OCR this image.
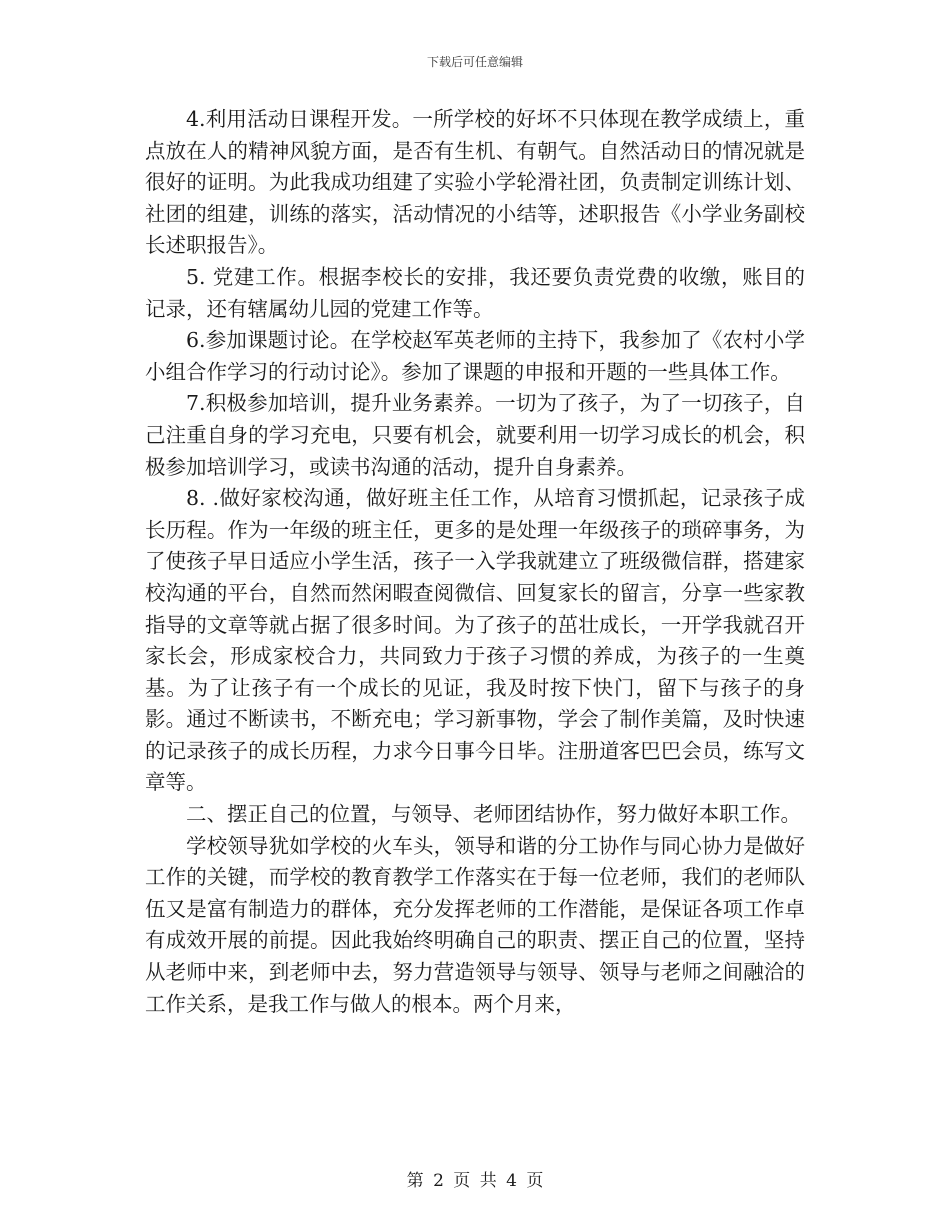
下载后可任意编辑

4.利用活动日课程开发。一所学校的好坏不只体现在教学成绩上，重点放在人的精神风貌方面，是否有生机、有朝气。自然活动日的情况就是很好的证明。为此我成功组建了实验小学轮滑社团，负责制定训练计划、社团的组建，训练的落实，活动情况的小结等，述职报告《小学业务副校长述职报告》。

5. 党建工作。根据李校长的安排，我还要负责党费的收缴，账目的记录，还有辖属幼儿园的党建工作等。

6.参加课题讨论。在学校赵军英老师的主持下，我参加了《农村小学小组合作学习的行动讨论》。参加了课题的申报和开题的一些具体工作。

7.积极参加培训，提升业务素养。一切为了孩子，为了一切孩子，自己注重自身的学习充电，只要有机会，就要利用一切学习成长的机会，积极参加培训学习，或读书沟通的活动，提升自身素养。

8. .做好家校沟通，做好班主任工作，从培育习惯抓起，记录孩子成长历程。作为一年级的班主任，更多的是处理一年级孩子的琐碎事务，为了使孩子早日适应小学生活，孩子一入学我就建立了班级微信群，搭建家校沟通的平台，自然而然闲暇查阅微信、回复家长的留言，分享一些家教指导的文章等就占据了很多时间。为了孩子的茁壮成长，一开学我就召开家长会，形成家校合力，共同致力于孩子习惯的养成，为孩子的一生奠基。为了让孩子有一个成长的见证，我及时按下快门，留下与孩子的身影。通过不断读书，不断充电；学习新事物，学会了制作美篇，及时快速的记录孩子的成长历程，力求今日事今日毕。注册道客巴巴会员，练写文章等。

二、摆正自己的位置，与领导、老师团结协作，努力做好本职工作。

学校领导犹如学校的火车头，领导和谐的分工协作与同心协力是做好工作的关键，而学校的教育教学工作落实在于每一位老师，我们的老师队伍又是富有制造力的群体，充分发挥老师的工作潜能，是保证各项工作卓有成效开展的前提。因此我始终明确自己的职责、摆正自己的位置，坚持从老师中来，到老师中去，努力营造领导与领导、领导与老师之间融洽的工作关系，是我工作与做人的根本。两个月来，

第 2 页 共 4 页
